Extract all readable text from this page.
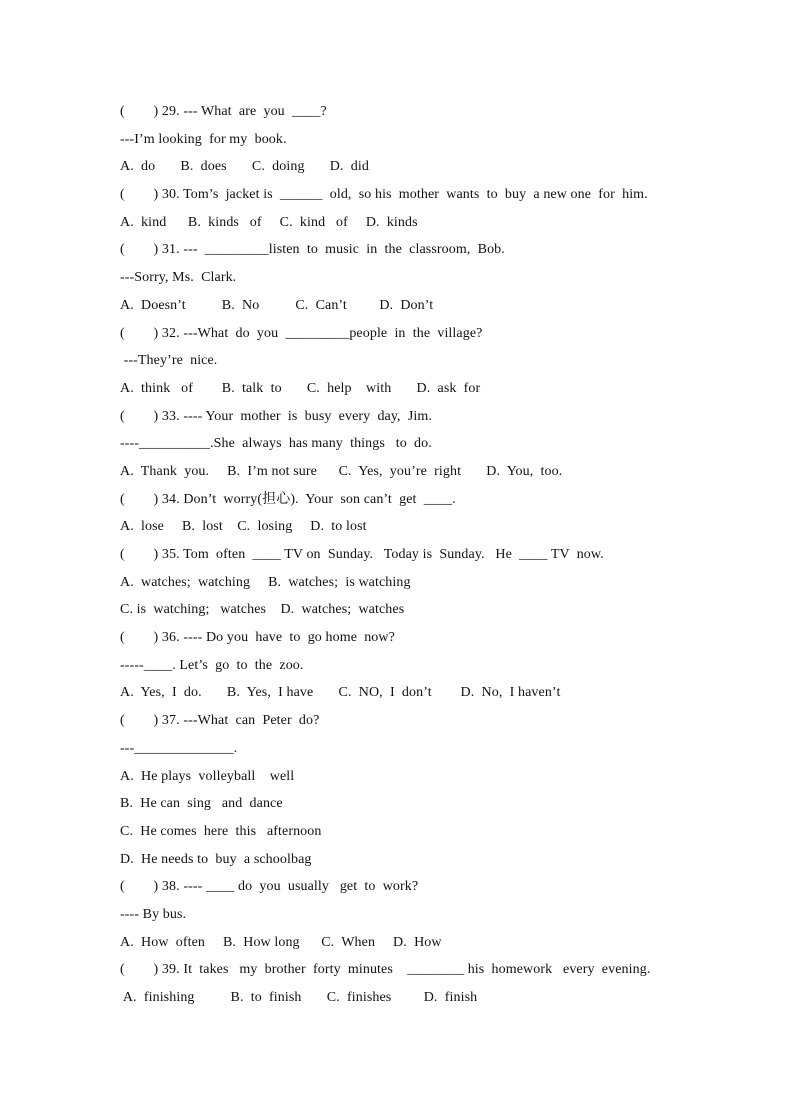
(        ) 29. --- What  are  you  ____?
---I’m looking  for my  book.
A.  do       B.  does       C.  doing       D.  did
(        ) 30. Tom’s  jacket is  ______  old,  so his  mother  wants  to  buy  a new one  for  him.
A.  kind      B.  kinds   of     C.  kind   of     D.  kinds
(        ) 31. ---  _________listen  to  music  in  the  classroom,  Bob.
---Sorry, Ms.  Clark.
A.  Doesn’t          B.  No          C.  Can’t         D.  Don’t
(        ) 32. ---What  do  you  _________people  in  the  village?
---They’re  nice.
A.  think   of        B.  talk  to       C.  help    with       D.  ask  for
(        ) 33. ---- Your  mother  is  busy  every  day,  Jim.
----__________.She  always  has many  things   to  do.
A.  Thank  you.     B.  I’m not sure      C.  Yes,  you’re  right       D.  You,  too.
(        ) 34. Don’t  worry(担心).  Your  son can’t  get  ____.
A.  lose     B.  lost    C.  losing     D.  to lost
(        ) 35. Tom  often  ____ TV on  Sunday.   Today is  Sunday.   He  ____ TV  now.
A.  watches;  watching     B.  watches;  is watching
C. is  watching;   watches    D.  watches;  watches
(        ) 36. ---- Do you  have  to  go home  now?
-----____. Let’s  go  to  the  zoo.
A.  Yes,  I  do.       B.  Yes,  I have       C.  NO,  I  don’t        D.  No,  I haven’t
(        ) 37. ---What  can  Peter  do?
---______________.
A.  He plays  volleyball    well
B.  He can  sing   and  dance
C.  He comes  here  this   afternoon
D.  He needs to  buy  a schoolbag
(        ) 38. ---- ____ do  you  usually   get  to  work?
---- By bus.
A.  How  often     B.  How long      C.  When     D.  How
(        ) 39. It  takes   my  brother  forty  minutes    ________ his  homework   every  evening.
A.  finishing          B.  to  finish       C.  finishes         D.  finish
